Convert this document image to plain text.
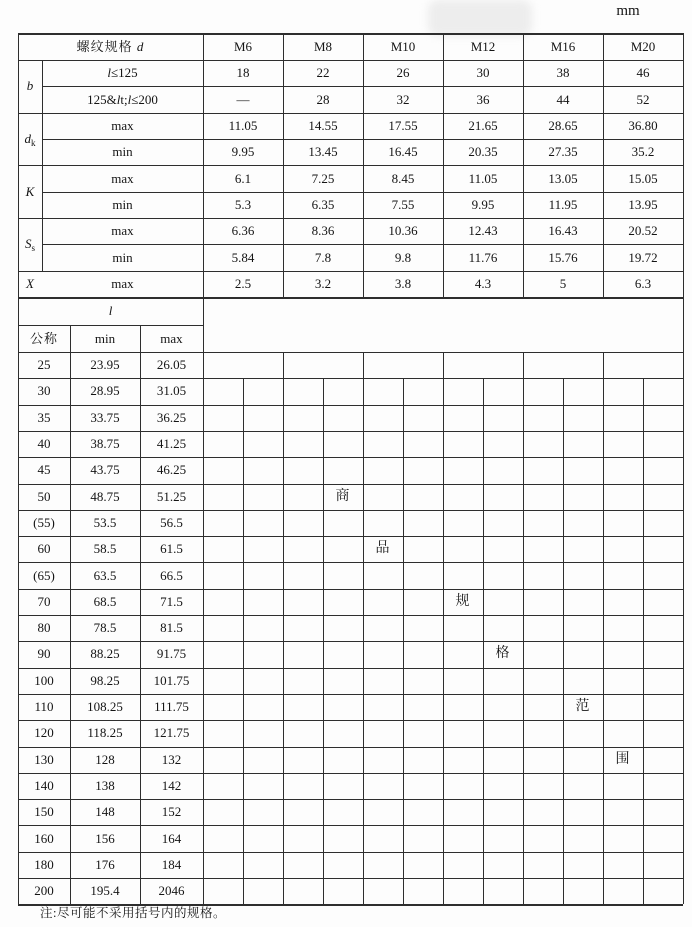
mm
螺纹规格 d	M6	M8	M10	M12	M16	M20
b
l≤125	18	22	26	30	38	46
125&lt;l≤200	—	28	32	36	44	52
$d_k$
max	11.05	14.55	17.55	21.65	28.65	36.80
min	9.95	13.45	16.45	20.35	27.35	35.2
K
max	6.1	7.25	8.45	11.05	13.05	15.05
min	5.3	6.35	7.55	9.95	11.95	13.95
$S_s$
max	6.36	8.36	10.36	12.43	16.43	20.52
min	5.84	7.8	9.8	11.76	15.76	19.72
X	max	2.5	3.2	3.8	4.3	5	6.3
l
公称	min	max
25	23.95	26.05
30	28.95	31.05
35	33.75	36.25
40	38.75	41.25
45	43.75	46.25
50	48.75	51.25
(55)	53.5	56.5
60	58.5	61.5
(65)	63.5	66.5
70	68.5	71.5
80	78.5	81.5
90	88.25	91.75
100	98.25	101.75
110	108.25	111.75
120	118.25	121.75
130	128	132
140	138	142
150	148	152
160	156	164
180	176	184
200	195.4	2046
商
品
规
格
范
围
注:尽可能不采用括号内的规格。
